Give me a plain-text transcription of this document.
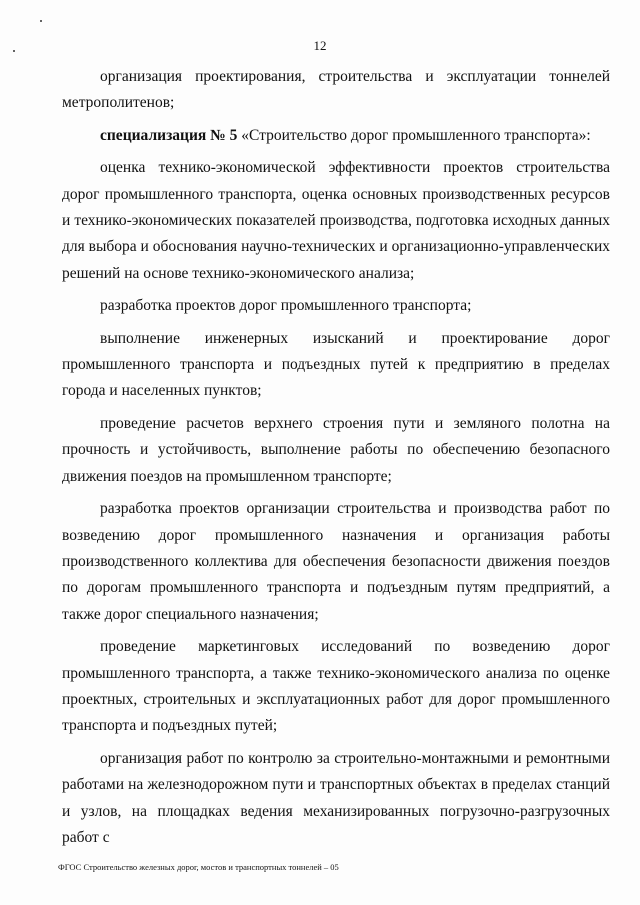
12

организация проектирования, строительства и эксплуатации тоннелей метрополитенов;

специализация № 5 «Строительство дорог промышленного транспорта»:

оценка технико-экономической эффективности проектов строительства дорог промышленного транспорта, оценка основных производственных ресурсов и технико-экономических показателей производства, подготовка исходных данных для выбора и обоснования научно-технических и организационно-управленческих решений на основе технико-экономического анализа;

разработка проектов дорог промышленного транспорта;

выполнение инженерных изысканий и проектирование дорог промышленного транспорта и подъездных путей к предприятию в пределах города и населенных пунктов;

проведение расчетов верхнего строения пути и земляного полотна на прочность и устойчивость, выполнение работы по обеспечению безопасного движения поездов на промышленном транспорте;

разработка проектов организации строительства и производства работ по возведению дорог промышленного назначения и организация работы производственного коллектива для обеспечения безопасности движения поездов по дорогам промышленного транспорта и подъездным путям предприятий, а также дорог специального назначения;

проведение маркетинговых исследований по возведению дорог промышленного транспорта, а также технико-экономического анализа по оценке проектных, строительных и эксплуатационных работ для дорог промышленного транспорта и подъездных путей;

организация работ по контролю за строительно-монтажными и ремонтными работами на железнодорожном пути и транспортных объектах в пределах станций и узлов, на площадках ведения механизированных погрузочно-разгрузочных работ с

ФГОС Строительство железных дорог, мостов и транспортных тоннелей – 05
